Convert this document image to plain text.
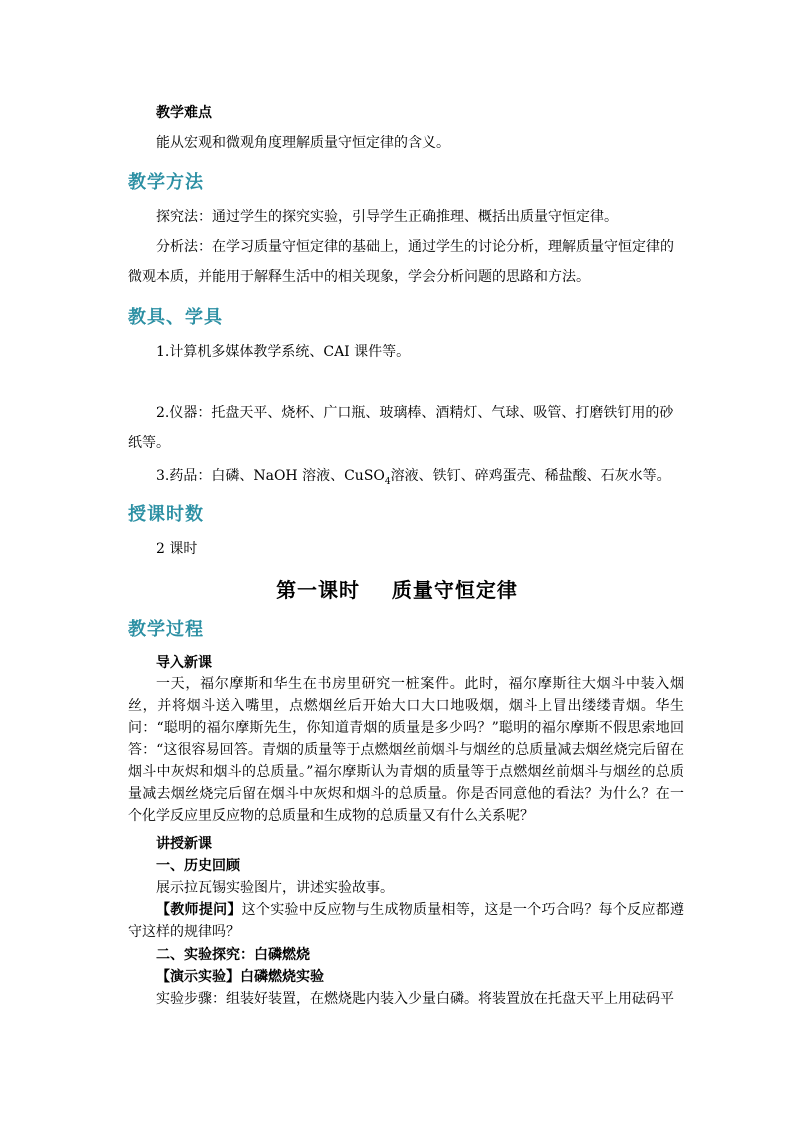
教学难点
能从宏观和微观角度理解质量守恒定律的含义。
教学方法
探究法：通过学生的探究实验，引导学生正确推理、概括出质量守恒定律。
分析法：在学习质量守恒定律的基础上，通过学生的讨论分析，理解质量守恒定律的
微观本质，并能用于解释生活中的相关现象，学会分析问题的思路和方法。
教具、学具
1.计算机多媒体教学系统、CAI 课件等。
2.仪器：托盘天平、烧杯、广口瓶、玻璃棒、酒精灯、气球、吸管、打磨铁钉用的砂
纸等。
3.药品：白磷、NaOH 溶液、CuSO$_4$溶液、铁钉、碎鸡蛋壳、稀盐酸、石灰水等。
授课时数
2 课时
第一课时    质量守恒定律
教学过程
导入新课

一天，福尔摩斯和华生在书房里研究一桩案件。此时，福尔摩斯往大烟斗中装入烟丝，并将烟斗送入嘴里，点燃烟丝后开始大口大口地吸烟，烟斗上冒出缕缕青烟。华生问：“聪明的福尔摩斯先生，你知道青烟的质量是多少吗？”聪明的福尔摩斯不假思索地回答：“这很容易回答。青烟的质量等于点燃烟丝前烟斗与烟丝的总质量减去烟丝烧完后留在烟斗中灰烬和烟斗的总质量。”福尔摩斯认为青烟的质量等于点燃烟丝前烟斗与烟丝的总质量减去烟丝烧完后留在烟斗中灰烬和烟斗的总质量。你是否同意他的看法？为什么？在一个化学反应里反应物的总质量和生成物的总质量又有什么关系呢？

讲授新课
一、历史回顾
展示拉瓦锡实验图片，讲述实验故事。

【教师提问】这个实验中反应物与生成物质量相等，这是一个巧合吗？每个反应都遵守这样的规律吗？

二、实验探究：白磷燃烧
【演示实验】白磷燃烧实验
实验步骤：组装好装置，在燃烧匙内装入少量白磷。将装置放在托盘天平上用砝码平
